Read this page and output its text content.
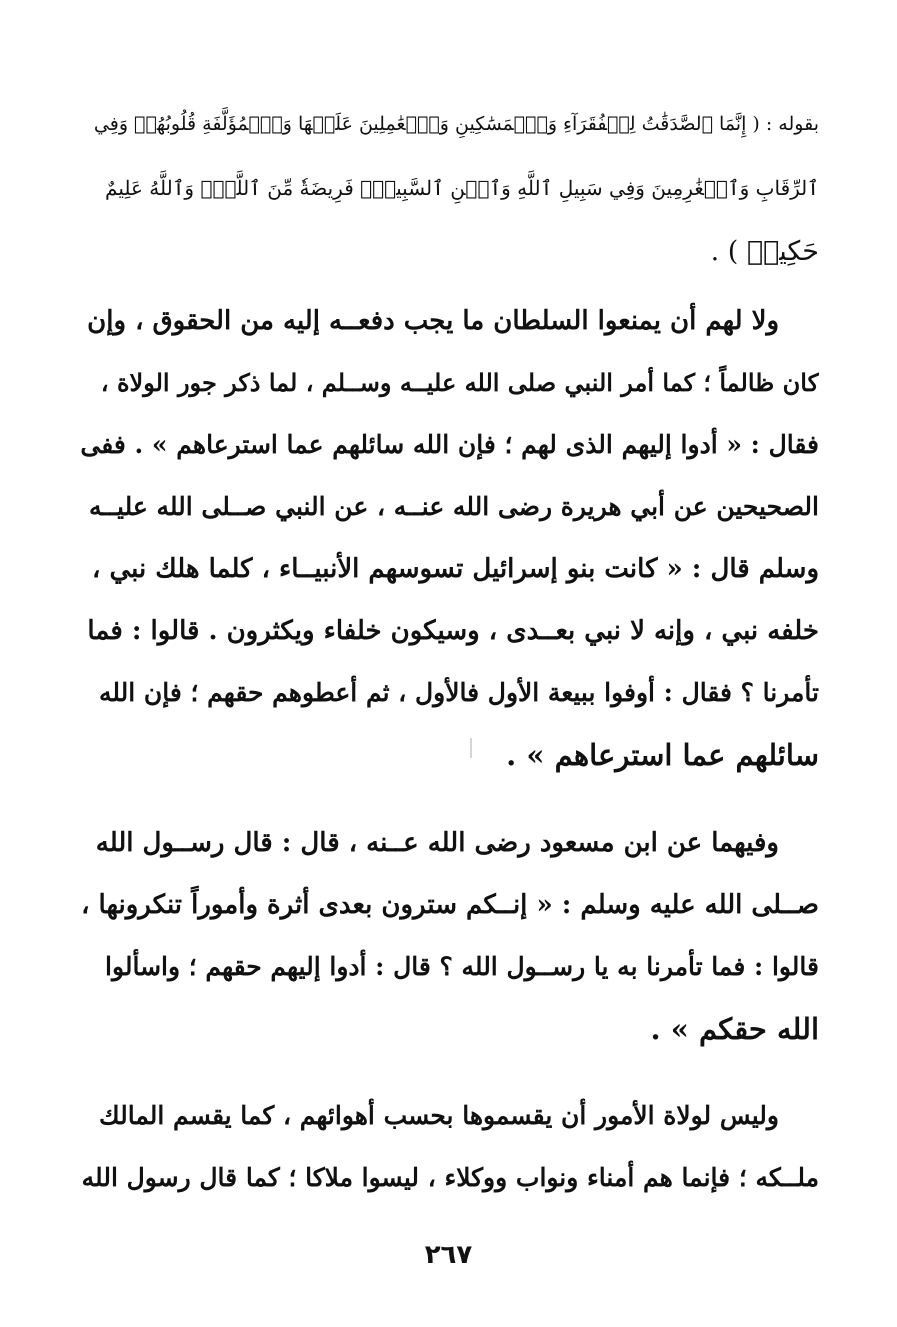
بقوله : ( إِنَّمَا ٱلصَّدَقَٰتُ لِلۡفُقَرَآءِ وَٱلۡمَسَٰكِينِ وَٱلۡعَٰمِلِينَ عَلَيۡهَا وَٱلۡمُؤَلَّفَةِ قُلُوبُهُمۡ وَفِي
ٱلرِّقَابِ وَٱلۡغَٰرِمِينَ وَفِي سَبِيلِ ٱللَّهِ وَٱبۡنِ ٱلسَّبِيلِۖ فَرِيضَةٗ مِّنَ ٱللَّهِۗ وَٱللَّهُ عَلِيمٌ
حَكِيمٞ ) .
ولا لهم أن يمنعوا السلطان ما يجب دفعــه إليه من الحقوق ، وإن
كان ظالماً ؛ كما أمر النبي صلى الله عليــه وســلم ، لما ذكر جور الولاة ،
فقال : « أدوا إليهم الذى لهم ؛ فإن الله سائلهم عما استرعاهم » . ففى
الصحيحين عن أبي هريرة رضى الله عنــه ، عن النبي صــلى الله عليــه
وسلم قال : « كانت بنو إسرائيل تسوسهم الأنبيــاء ، كلما هلك نبي ،
خلفه نبي ، وإنه لا نبي بعــدى ، وسيكون خلفاء ويكثرون . قالوا : فما
تأمرنا ؟ فقال : أوفوا ببيعة الأول فالأول ، ثم أعطوهم حقهم ؛ فإن الله
سائلهم عما استرعاهم » .
وفيهما عن ابن مسعود رضى الله عــنه ، قال : قال رســول الله
صــلى الله عليه وسلم : « إنــكم سترون بعدى أثرة وأموراً تنكرونها ،
قالوا : فما تأمرنا به يا رســول الله ؟ قال : أدوا إليهم حقهم ؛ واسألوا
الله حقكم » .
وليس لولاة الأمور أن يقسموها بحسب أهوائهم ، كما يقسم المالك
ملــكه ؛ فإنما هم أمناء ونواب ووكلاء ، ليسوا ملاكا ؛ كما قال رسول الله
٢٦٧
